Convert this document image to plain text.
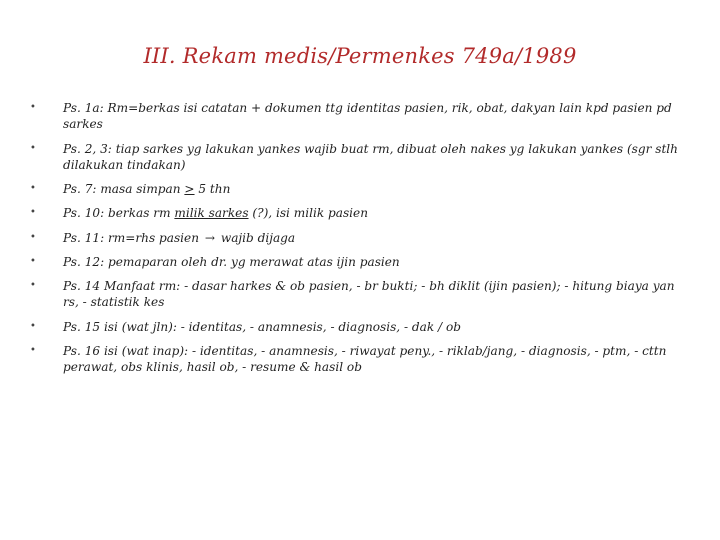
III. Rekam medis/Permenkes 749a/1989
• Ps. 1a: Rm=berkas isi catatan + dokumen ttg identitas pasien, rik, obat, dakyan lain kpd pasien pd sarkes
• Ps. 2, 3: tiap sarkes yg lakukan yankes wajib buat rm, dibuat oleh nakes yg lakukan yankes (sgr stlh dilakukan tindakan)
• Ps. 7: masa simpan ≥ 5 thn
• Ps. 10: berkas rm milik sarkes (?), isi milik pasien
• Ps. 11: rm=rhs pasien → wajib dijaga
• Ps. 12: pemaparan oleh dr. yg merawat atas ijin pasien
• Ps. 14 Manfaat rm: - dasar harkes & ob pasien, - br bukti; - bh diklit (ijin pasien); - hitung biaya yan rs, - statistik kes
• Ps. 15 isi (wat jln): - identitas, - anamnesis, - diagnosis, - dak / ob
• Ps. 16 isi (wat inap): - identitas, - anamnesis, - riwayat peny., - riklab/jang, - diagnosis, - ptm, - cttn perawat, obs klinis, hasil ob, - resume & hasil ob
